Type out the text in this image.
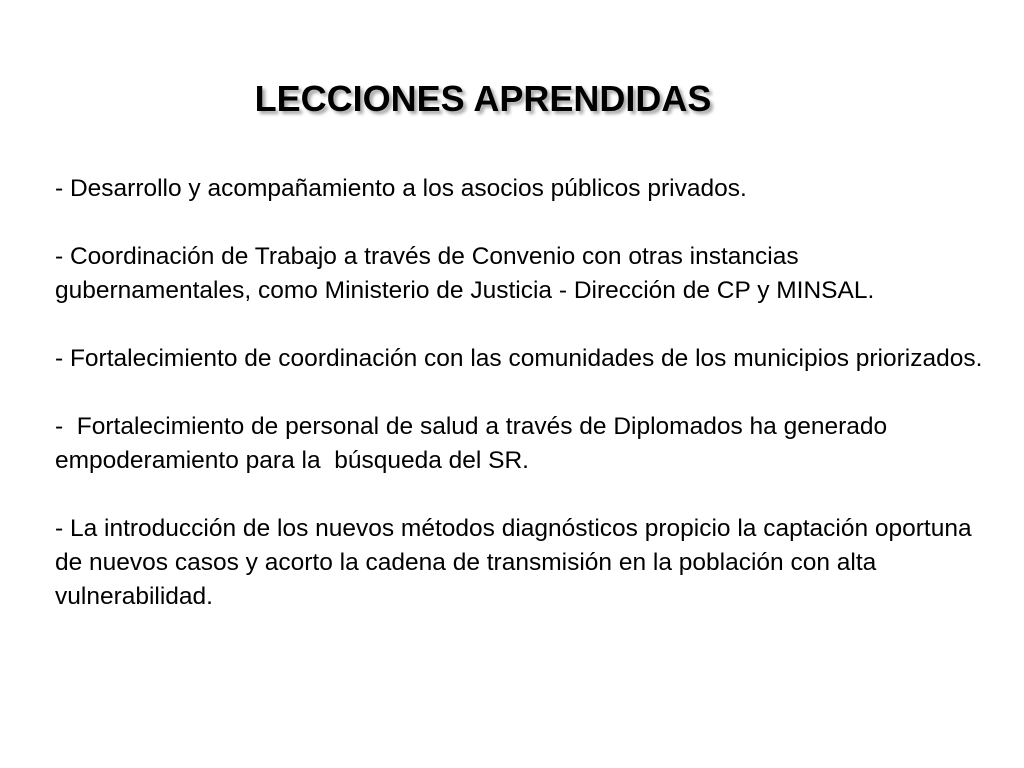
LECCIONES APRENDIDAS

- Desarrollo y acompañamiento a los asocios públicos privados.

- Coordinación de Trabajo a través de Convenio con otras instancias gubernamentales, como Ministerio de Justicia - Dirección de CP y MINSAL.

- Fortalecimiento de coordinación con las comunidades de los municipios priorizados.

-  Fortalecimiento de personal de salud a través de Diplomados ha generado empoderamiento para la  búsqueda del SR.

- La introducción de los nuevos métodos diagnósticos propicio la captación oportuna de nuevos casos y acorto la cadena de transmisión en la población con alta vulnerabilidad.
